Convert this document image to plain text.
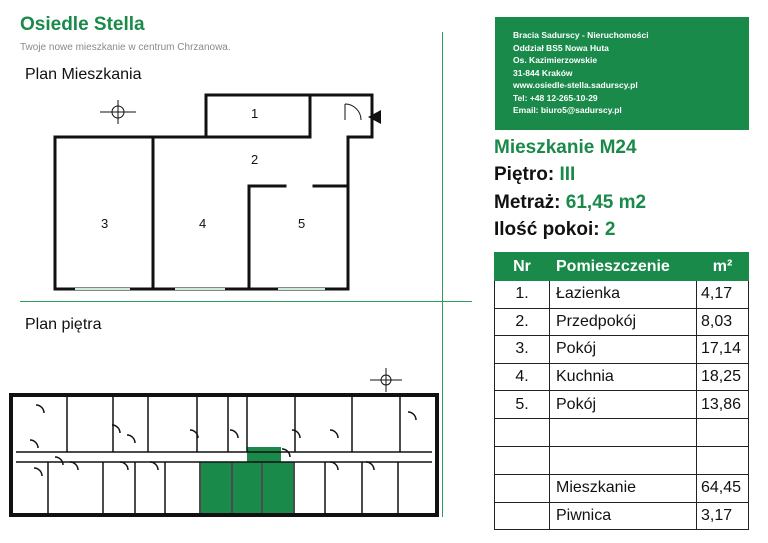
Osiedle Stella
Twoje nowe mieszkanie w centrum Chrzanowa.
Plan Mieszkania
Plan piętra
1
2
3	4	5
Bracia Sadurscy - Nieruchomości
Oddział BS5 Nowa Huta
Os. Kazimierzowskie
31-844 Kraków
www.osiedle-stella.sadurscy.pl
Tel: +48 12-265-10-29
Email: biuro5@sadurscy.pl
Mieszkanie M24
Piętro: III
Metraż: 61,45 m2
Ilość pokoi: 2
Nr	Pomieszczenie	m²
1.	Łazienka	4,17
2.	Przedpokój	8,03
3.	Pokój	17,14
4.	Kuchnia	18,25
5.	Pokój	13,86

	Mieszkanie	64,45
	Piwnica	3,17
